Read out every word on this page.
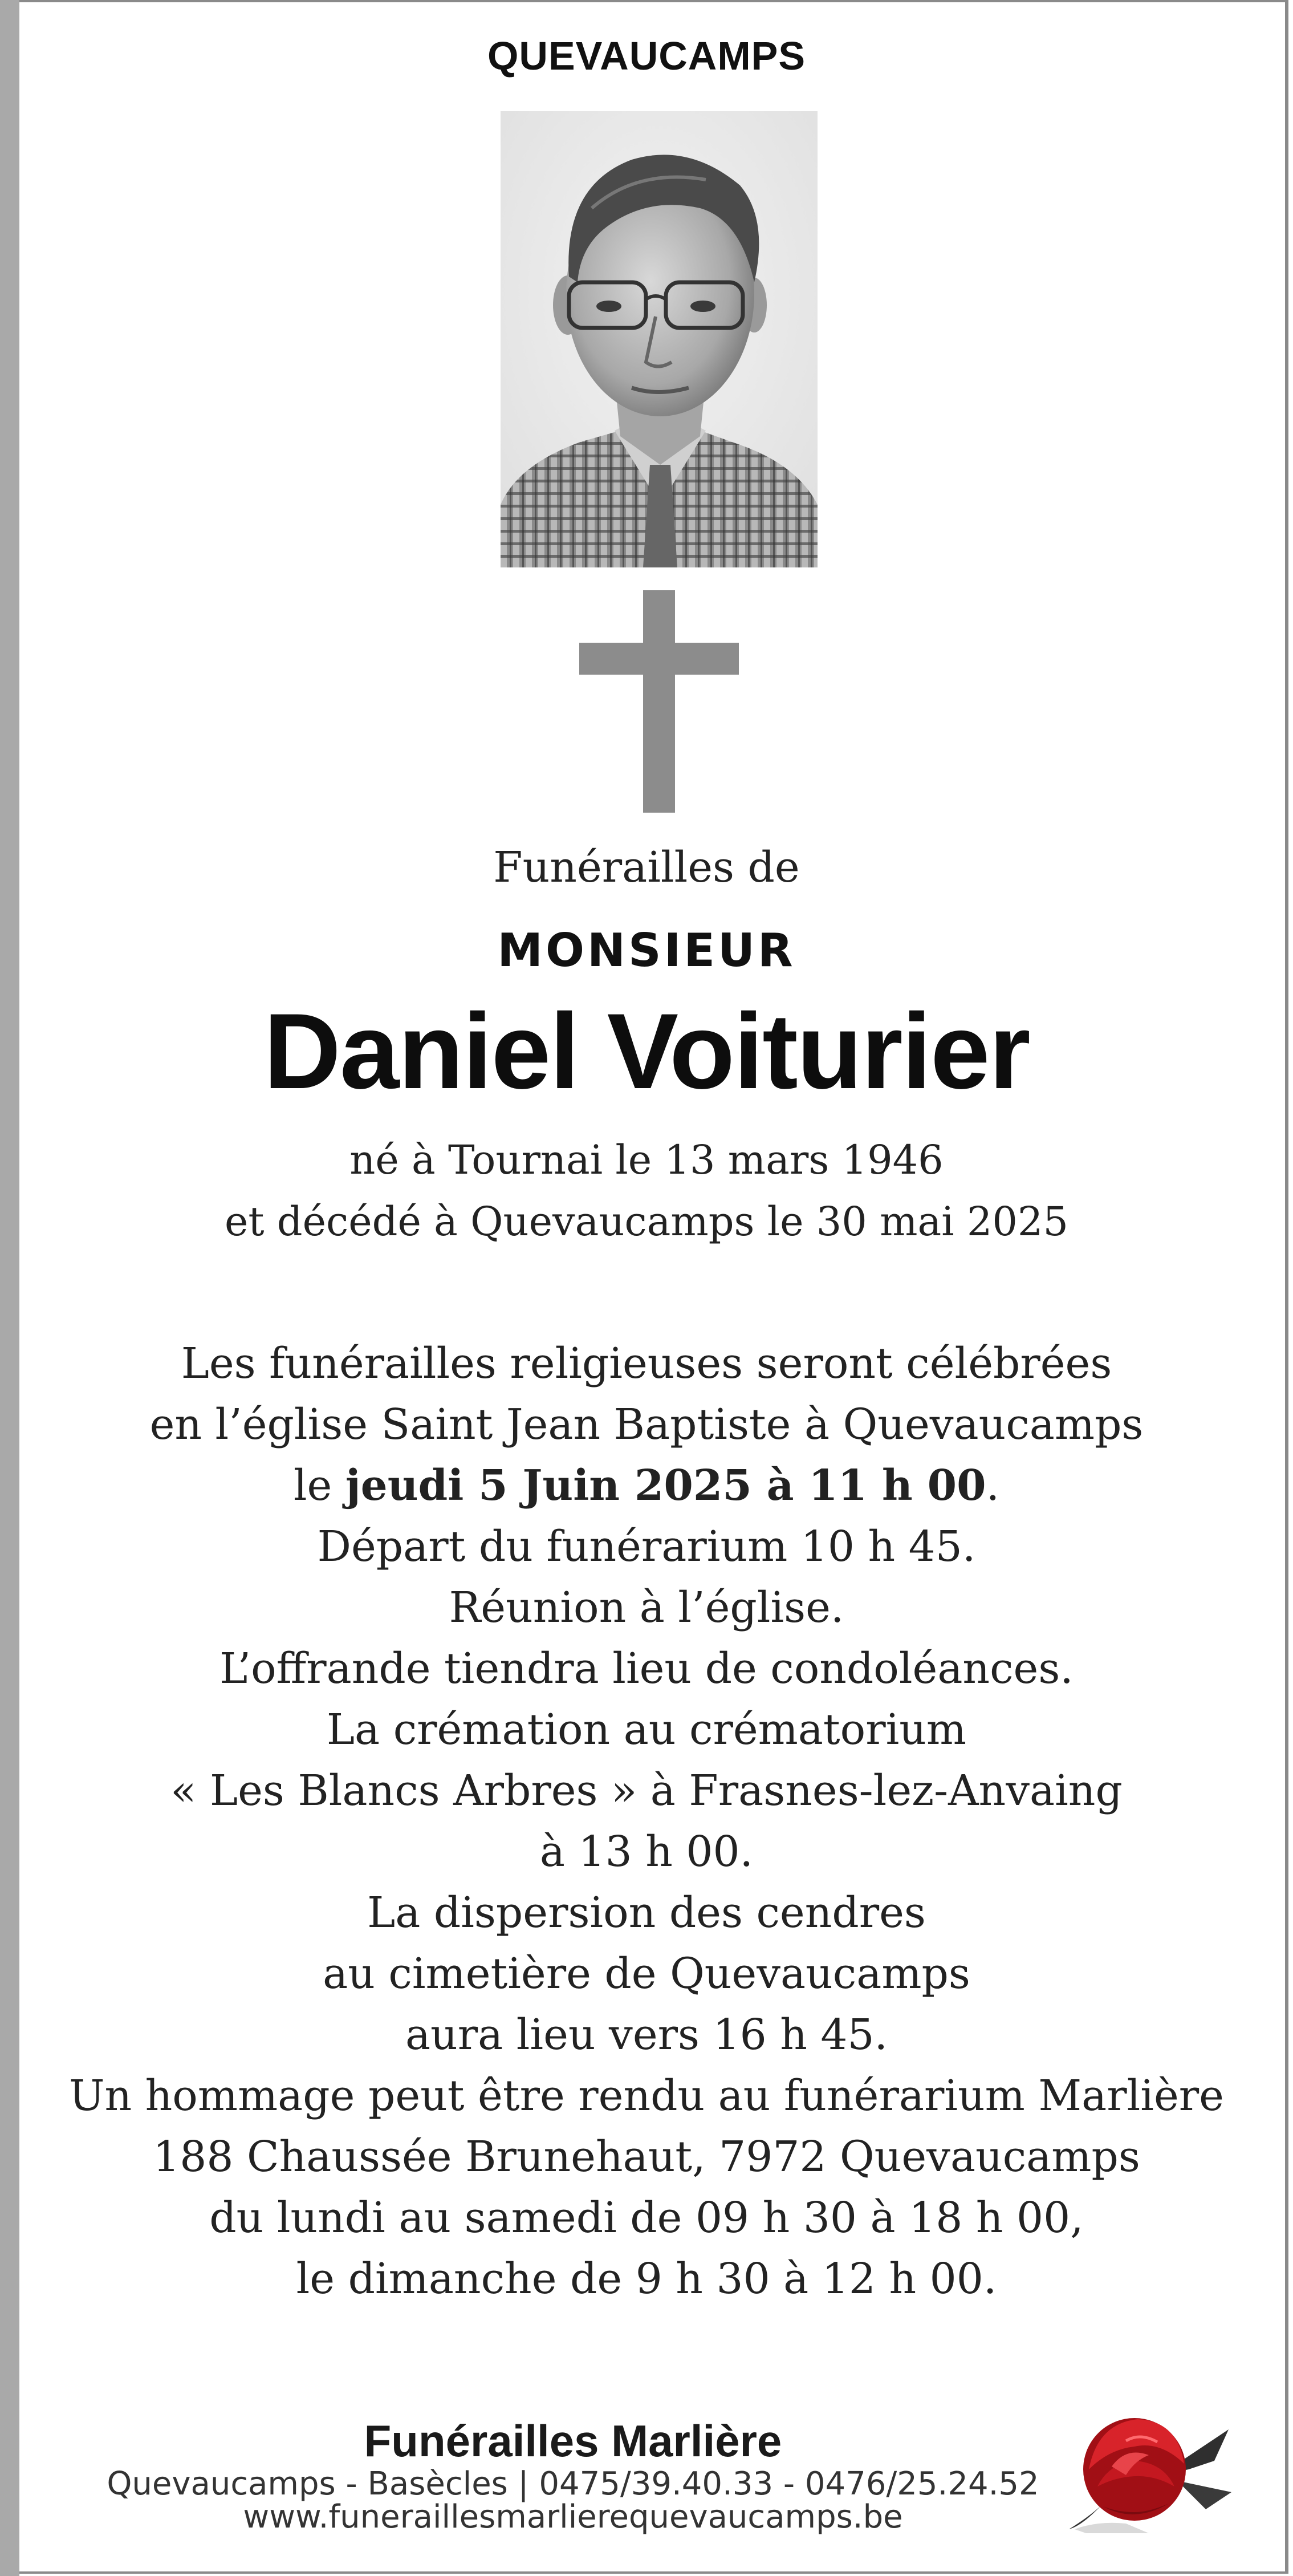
QUEVAUCAMPS
Funérailles de
MONSIEUR
Daniel Voiturier
né à Tournai le 13 mars 1946
et décédé à Quevaucamps le 30 mai 2025
Les funérailles religieuses seront célébrées
en l’église Saint Jean Baptiste à Quevaucamps
le jeudi 5 Juin 2025 à 11 h 00.
Départ du funérarium 10 h 45.
Réunion à l’église.
L’offrande tiendra lieu de condoléances.
La crémation au crématorium
« Les Blancs Arbres » à Frasnes-lez-Anvaing
à 13 h 00.
La dispersion des cendres
au cimetière de Quevaucamps
aura lieu vers 16 h 45.
Un hommage peut être rendu au funérarium Marlière
188 Chaussée Brunehaut, 7972 Quevaucamps
du lundi au samedi de 09 h 30 à 18 h 00,
le dimanche de 9 h 30 à 12 h 00.
Funérailles Marlière
Quevaucamps - Basècles | 0475/39.40.33 - 0476/25.24.52
www.funeraillesmarlierequevaucamps.be
